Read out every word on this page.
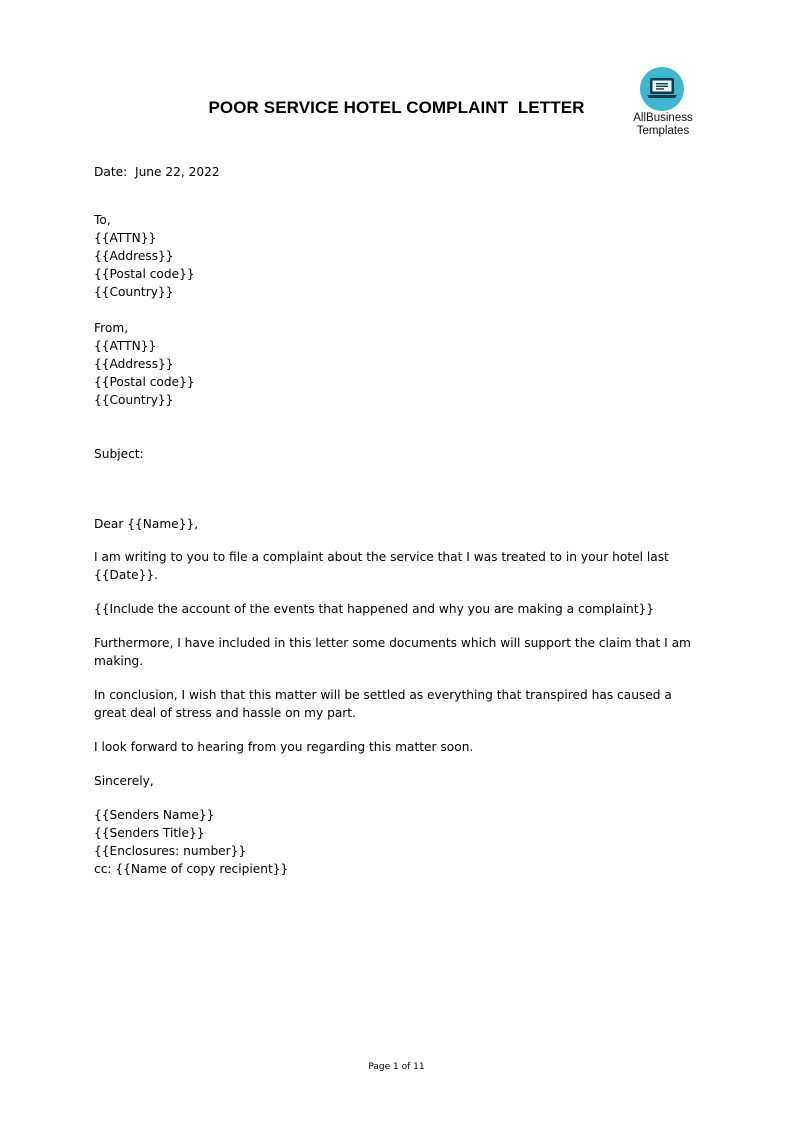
POOR SERVICE HOTEL COMPLAINT  LETTER
AllBusiness
Templates
Date:  June 22, 2022
To,
{{ATTN}}
{{Address}}
{{Postal code}}
{{Country}}
From,
{{ATTN}}
{{Address}}
{{Postal code}}
{{Country}}
Subject:
Dear {{Name}},
I am writing to you to file a complaint about the service that I was treated to in your hotel last {{Date}}.
{{Include the account of the events that happened and why you are making a complaint}}
Furthermore, I have included in this letter some documents which will support the claim that I am making.
In conclusion, I wish that this matter will be settled as everything that transpired has caused a great deal of stress and hassle on my part.
I look forward to hearing from you regarding this matter soon.
Sincerely,
{{Senders Name}}
{{Senders Title}}
{{Enclosures: number}}
cc: {{Name of copy recipient}}
Page 1 of 11
